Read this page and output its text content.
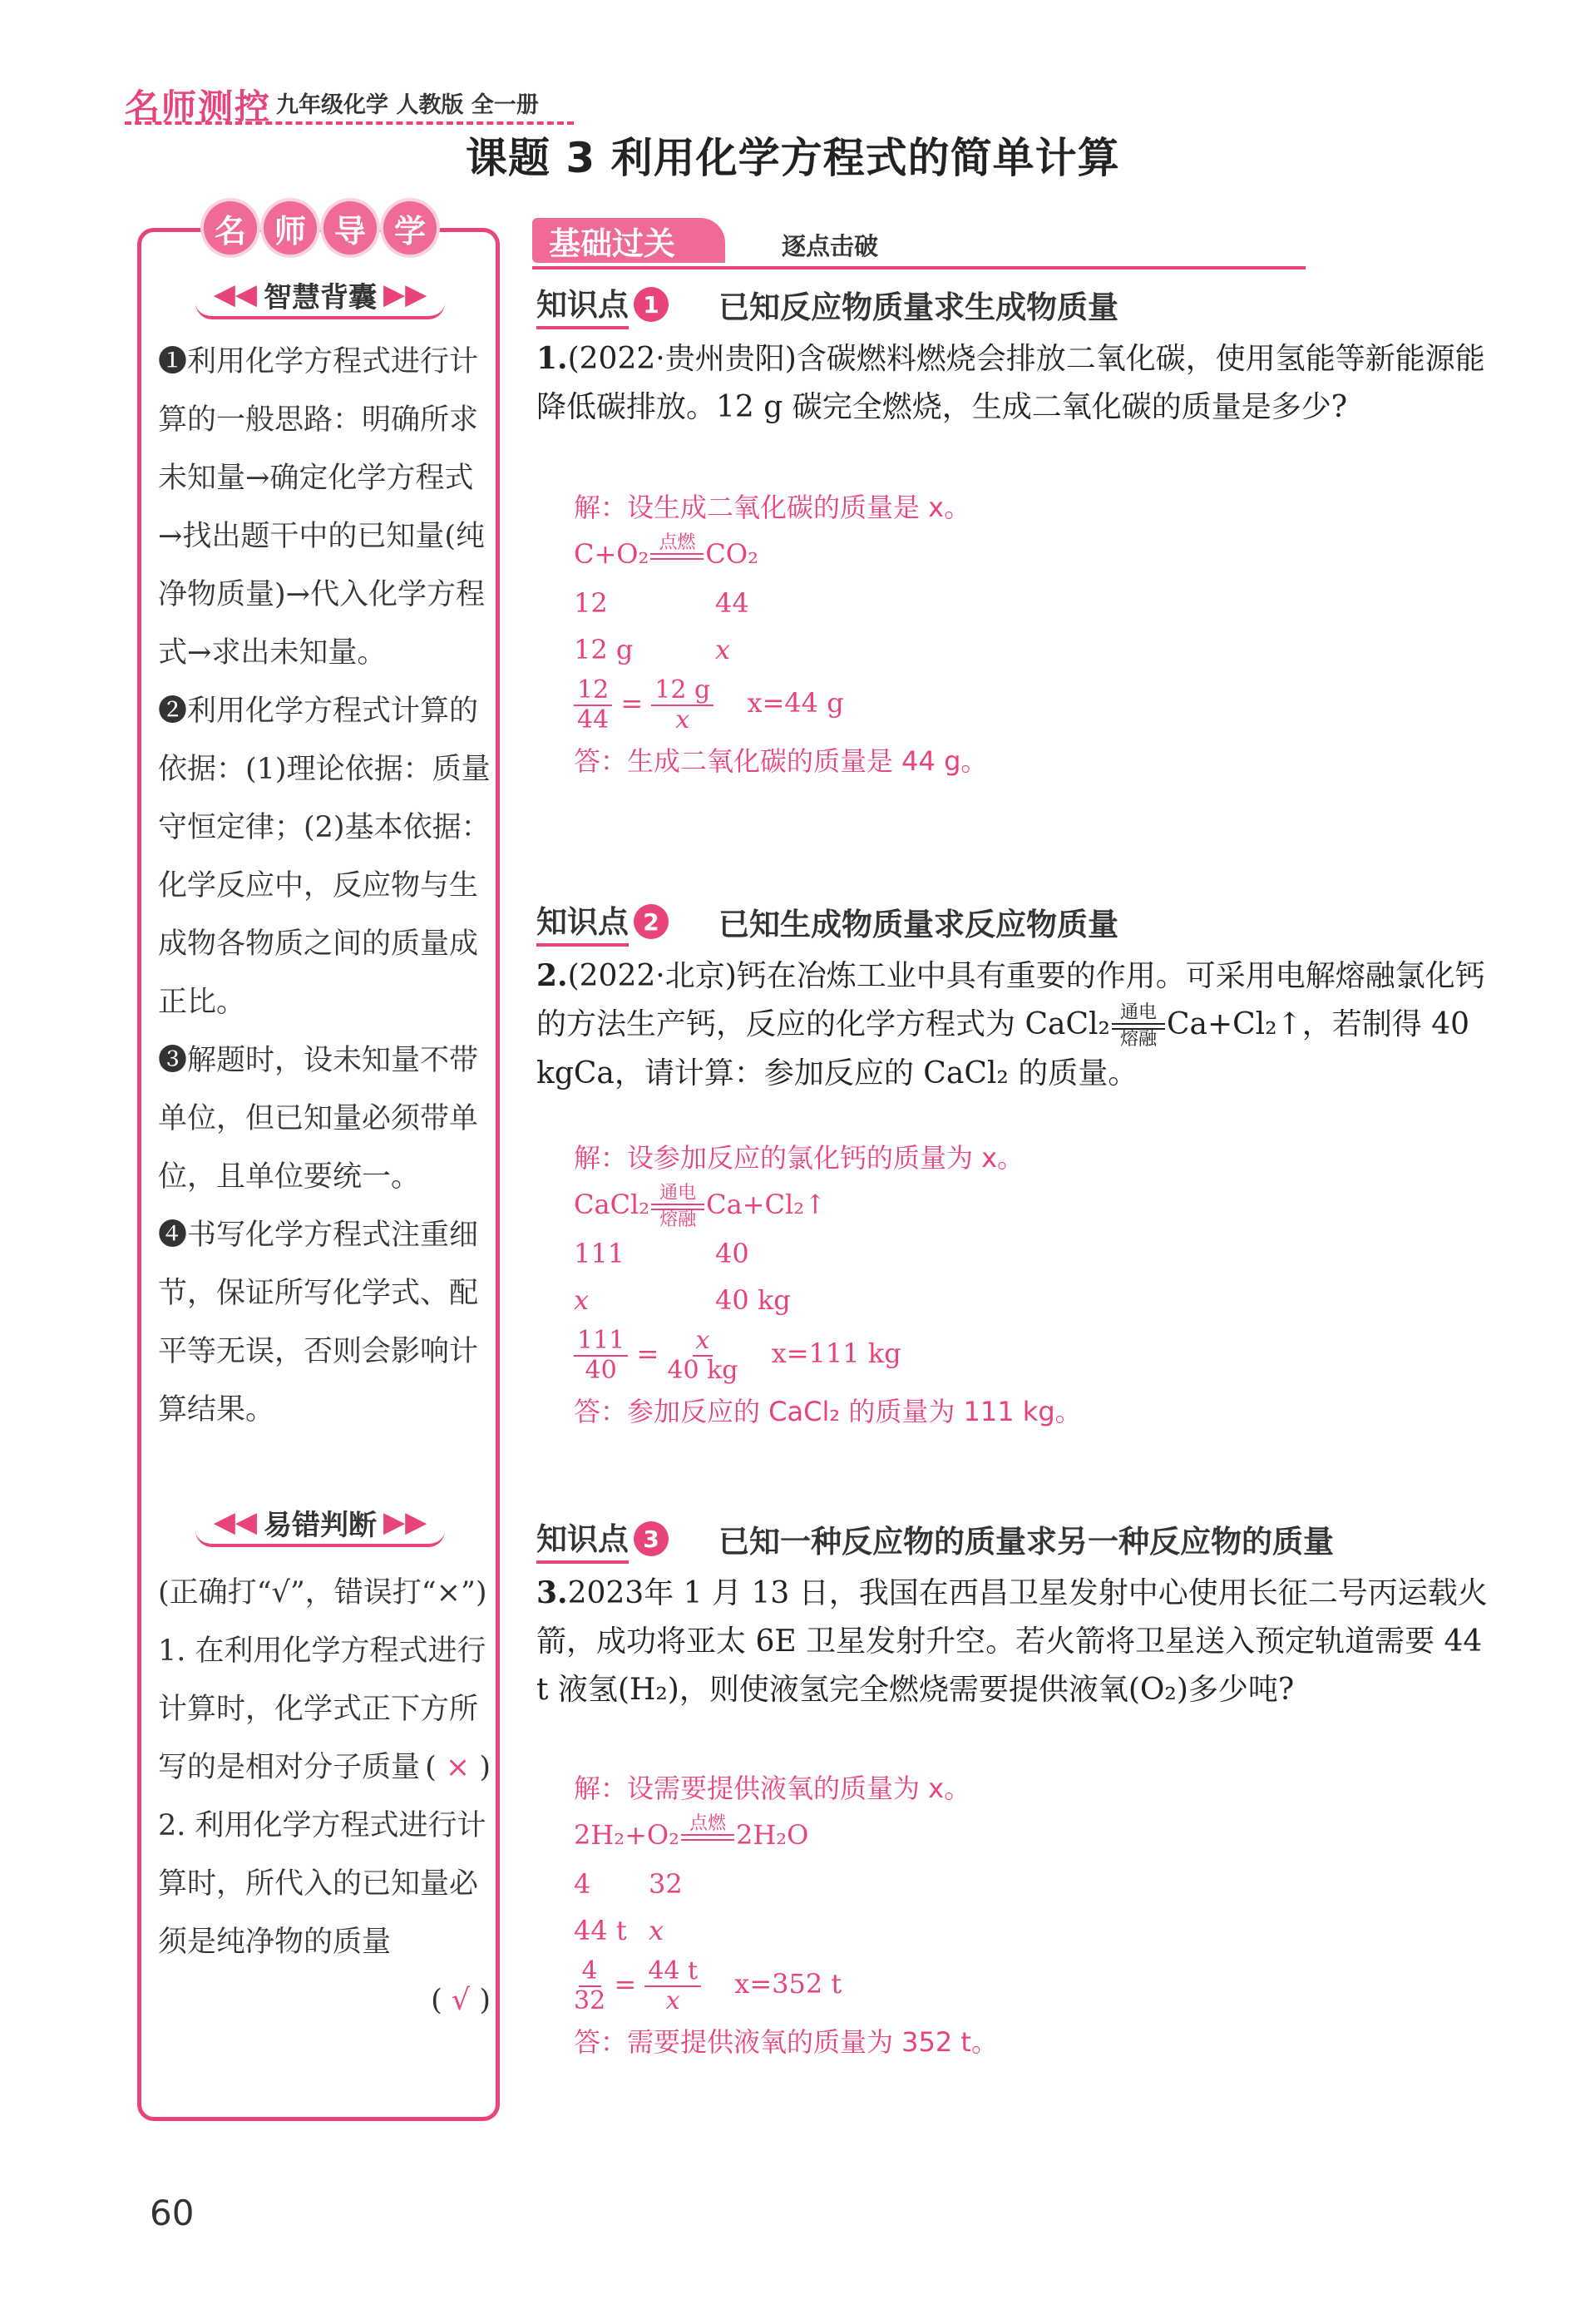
名师测控 九年级化学 人教版 全一册
课题 3 利用化学方程式的简单计算
名 师 导 学
◀◀ 智慧背囊 ▶▶

❶利用化学方程式进行计算的一般思路：明确所求未知量→确定化学方程式→找出题干中的已知量(纯净物质量)→代入化学方程式→求出未知量。

❷利用化学方程式计算的依据：(1)理论依据：质量守恒定律；(2)基本依据：化学反应中，反应物与生成物各物质之间的质量成正比。

❸解题时，设未知量不带单位，但已知量必须带单位，且单位要统一。

❹书写化学方程式注重细节，保证所写化学式、配平等无误，否则会影响计算结果。

◀◀ 易错判断 ▶▶

(正确打“√”，错误打“×”)

1. 在利用化学方程式进行计算时，化学式正下方所写的是相对分子质量 ( × )

2. 利用化学方程式进行计算时，所代入的已知量必须是纯净物的质量

( √ )

基础过关	逐点击破
知识点 1	已知反应物质量求生成物质量
1.(2022·贵州贵阳)含碳燃料燃烧会排放二氧化碳，使用氢能等新能源能降低碳排放。12 g 碳完全燃烧，生成二氧化碳的质量是多少?
解：设生成二氧化碳的质量是 x。
C+O₂ 点燃
CO₂
12	44
12 g	x
$\frac{12}{44} = \frac{12 g}{x} x=44$ g
答：生成二氧化碳的质量是 44 g。
知识点 2	已知生成物质量求反应物质量
2.(2022·北京)钙在冶炼工业中具有重要的作用。可采用电解熔融氯化钙的方法生产钙，反应的化学方程式为 CaCl₂ 通电
熔融 Ca+Cl₂↑，若制得 40 kgCa，请计算：参加反应的 CaCl₂ 的质量。
解：设参加反应的氯化钙的质量为 x。
CaCl₂ 通电
熔融 Ca+Cl₂↑
111	40
x	40 kg
$\frac{111}{40} = \frac{x}{40 kg} x=111$ kg
答：参加反应的 CaCl₂ 的质量为 111 kg。
知识点 3	已知一种反应物的质量求另一种反应物的质量
3.2023年 1 月 13 日，我国在西昌卫星发射中心使用长征二号丙运载火箭，成功将亚太 6E 卫星发射升空。若火箭将卫星送入预定轨道需要 44 t 液氢(H₂)，则使液氢完全燃烧需要提供液氧(O₂)多少吨?
解：设需要提供液氧的质量为 x。
2H₂+O₂ 点燃
2H₂O
4 32
44 t x
$\frac{4}{32} = \frac{44 t}{x} x=352$ t
答：需要提供液氧的质量为 352 t。
60
